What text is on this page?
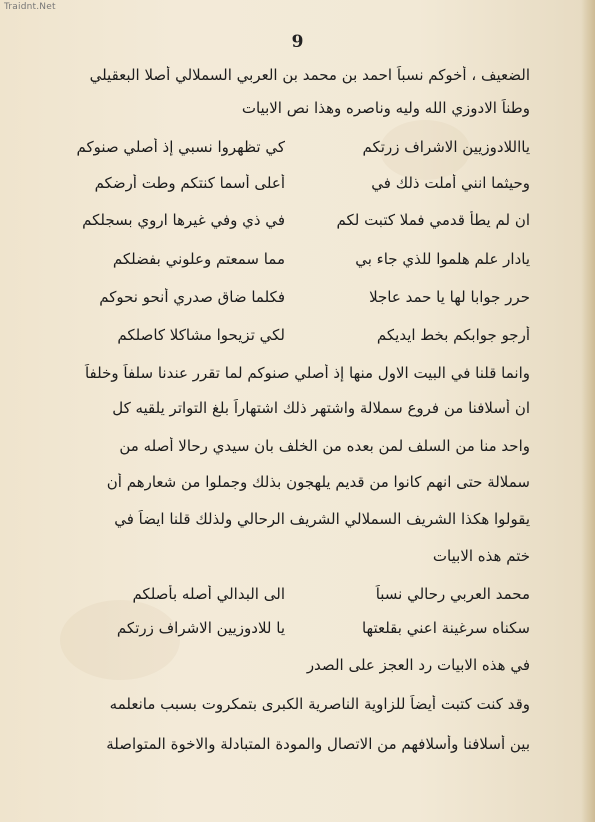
Traidnt.Net
9
الضعيف ، أخوكم نسباً احمد بن محمد بن العربي السملالي أصلا البعقيلي
وطناً الادوزي الله وليه وناصره وهذا نص الابيات
يااللادوزيين الاشراف زرتكم
كي تظهروا نسبي إذ أصلي صنوكم
وحيثما انني أملت ذلك في
أعلى أسما كنتكم وطت أرضكم
ان لم يطأ قدمي فملا كتبت لكم
في ذي وفي غيرها اروي بسجلكم
يادار علم هلموا للذي جاء بي
مما سمعتم وعلوني بفضلكم
حرر جوابا لها يا حمد عاجلا
فكلما ضاق صدري أنحو نحوكم
أرجو جوابكم بخط ايديكم
لكي تزيحوا مشاكلا كاصلكم
وانما قلنا في البيت الاول منها إذ أصلي صنوكم لما تقرر عندنا سلفاً وخلفاً
ان أسلافنا من فروع سملالة واشتهر ذلك اشتهاراً بلغ التواتر يلقيه كل
واحد منا من السلف لمن بعده من الخلف بان سيدي رحالا أصله من
سملالة حتى انهم كانوا من قديم يلهجون بذلك وجملوا من شعارهم أن
يقولوا هكذا الشريف السملالي الشريف الرحالي ولذلك قلنا ايضاً في
ختم هذه الابيات
محمد العربي رحالي نسباً
الى البدالي أصله بأصلكم
سكناه سرغينة اعني بقلعتها
يا للادوزيين الاشراف زرتكم
في هذه الابيات رد العجز على الصدر
وقد كنت كتبت أيضاً للزاوية الناصرية الكبرى بتمكروت بسبب مانعلمه
بين أسلافنا وأسلافهم من الاتصال والمودة المتبادلة والاخوة المتواصلة
